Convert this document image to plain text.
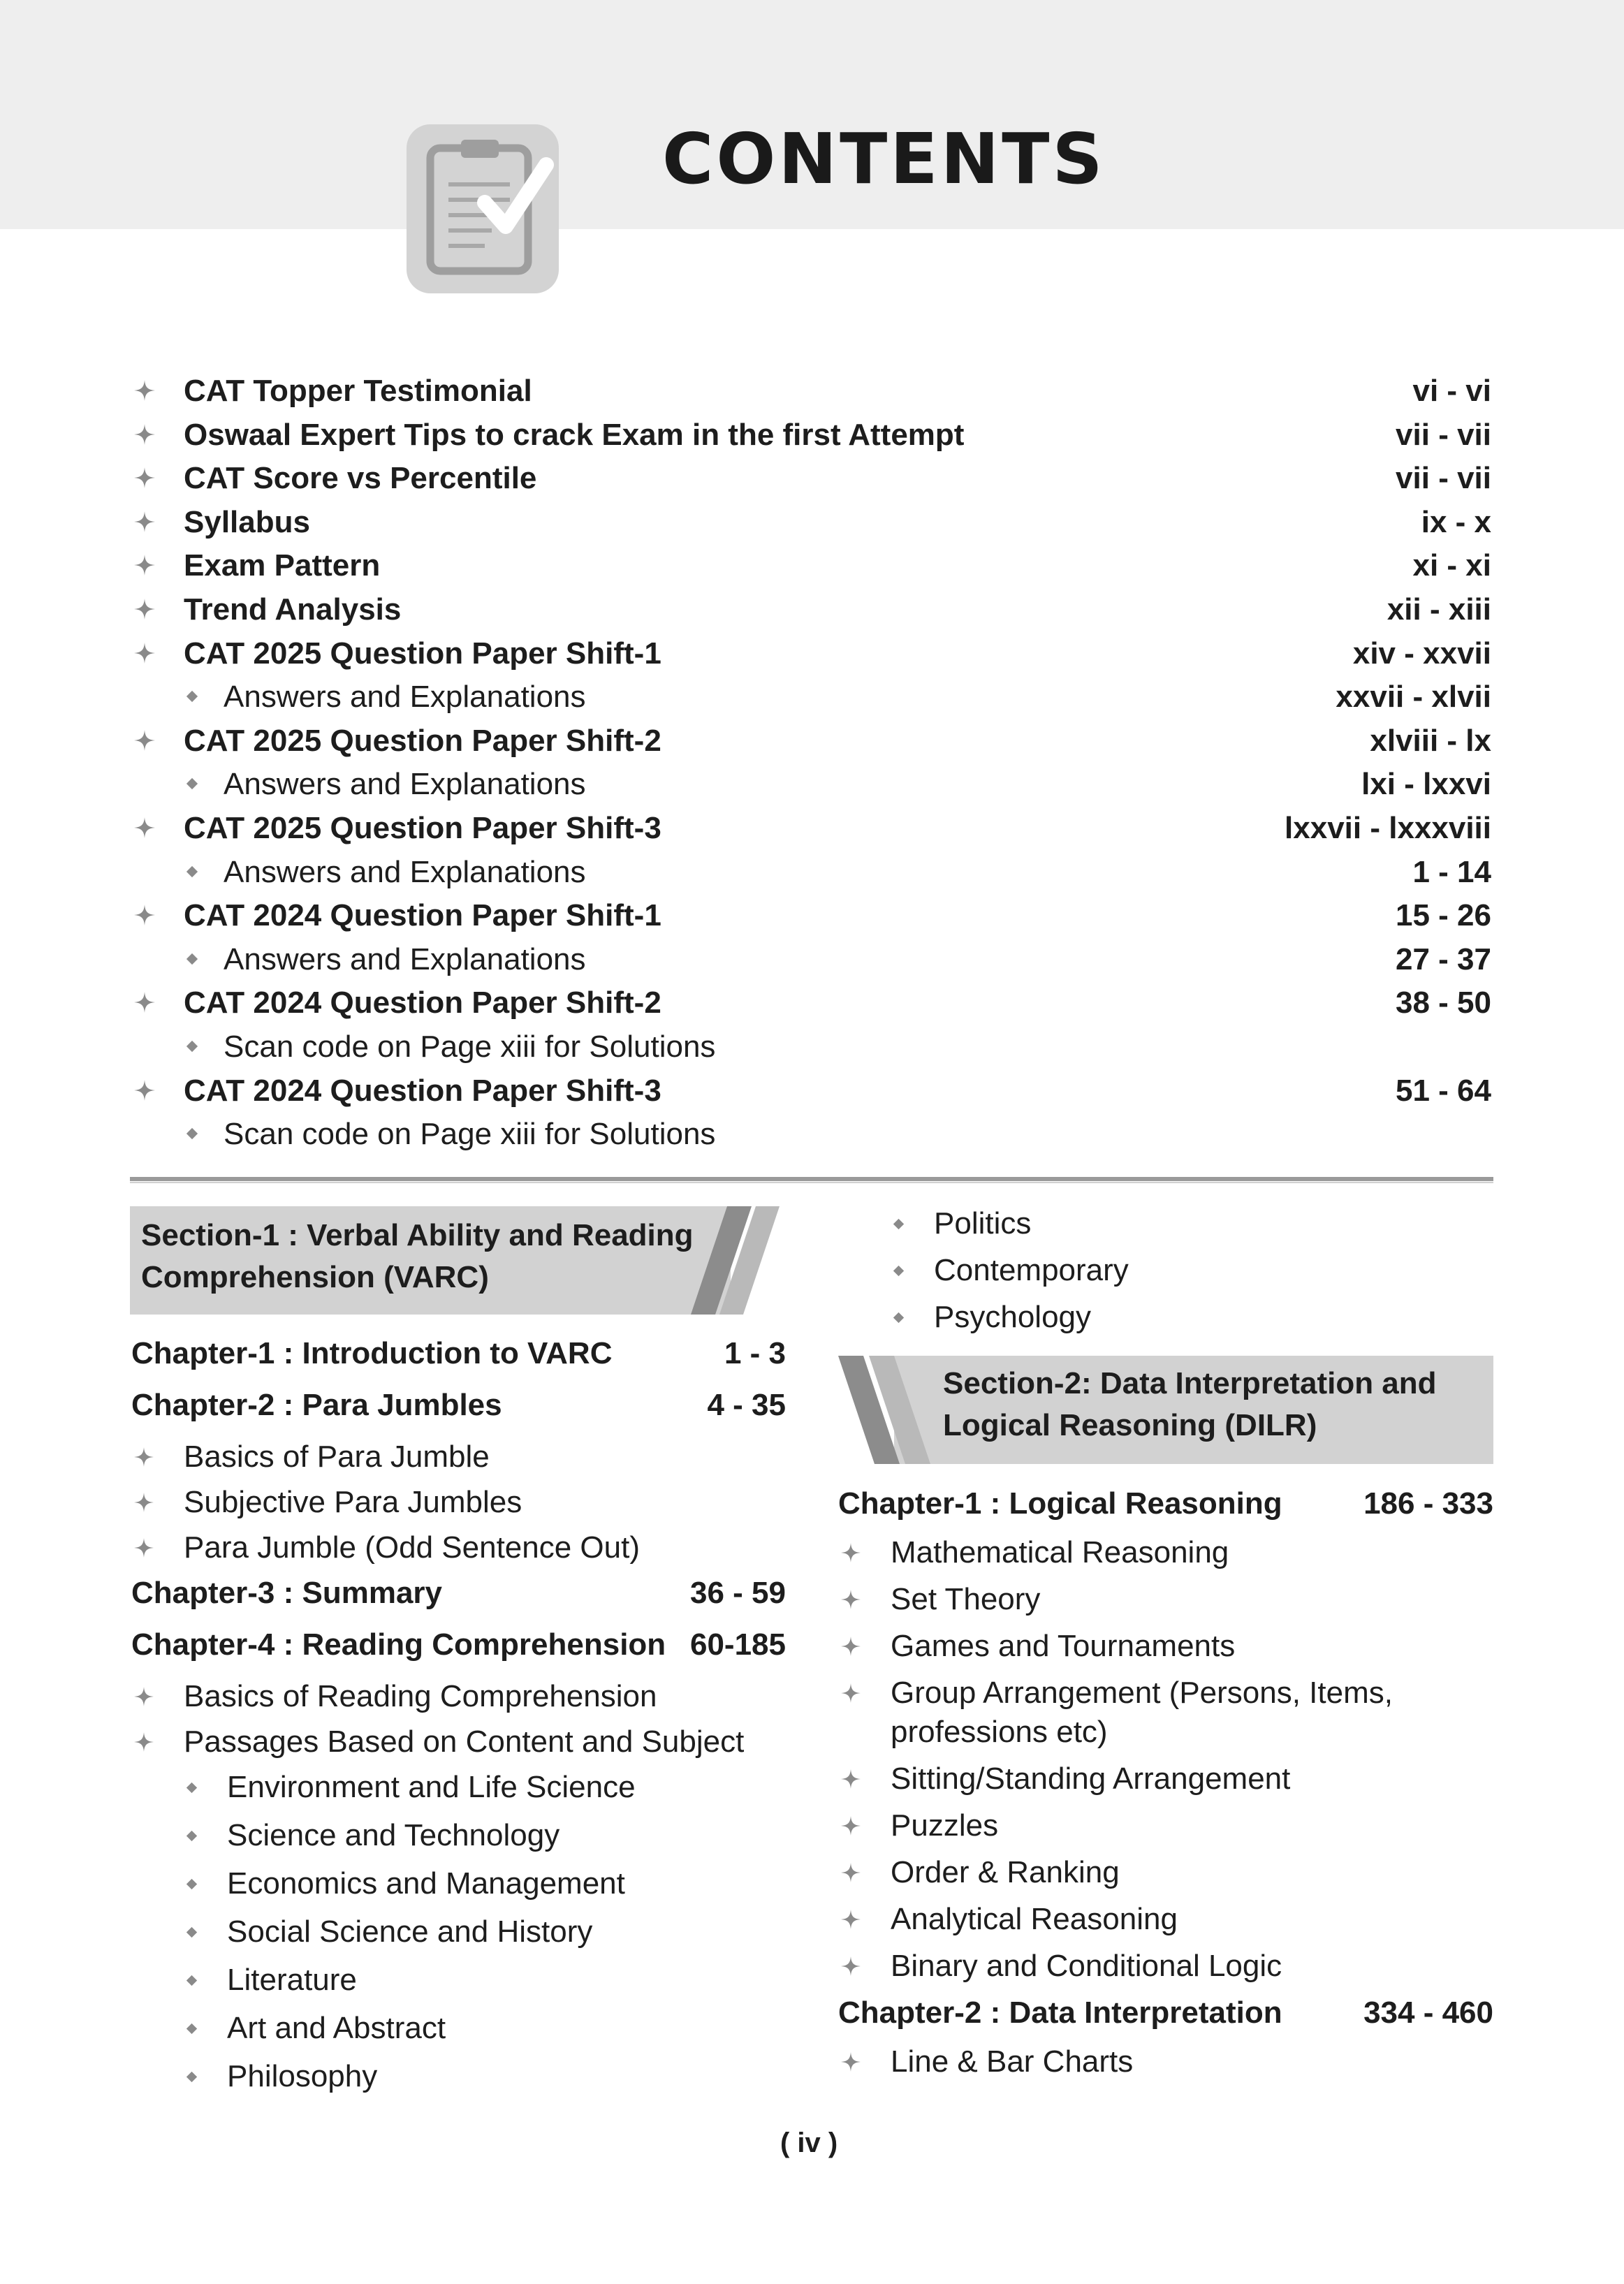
CONTENTS
CAT Topper Testimonial	vi - vi
Oswaal Expert Tips to crack Exam in the first Attempt	vii - vii
CAT Score vs Percentile	vii - vii
Syllabus	ix - x
Exam Pattern	xi - xi
Trend Analysis	xii - xiii
CAT 2025 Question Paper Shift-1	xiv - xxvii
Answers and Explanations	xxvii - xlvii
CAT 2025 Question Paper Shift-2	xlviii - lx
Answers and Explanations	lxi - lxxvi
CAT 2025 Question Paper Shift-3	lxxvii - lxxxviii
Answers and Explanations	1 - 14
CAT 2024 Question Paper Shift-1	15 - 26
Answers and Explanations	27 - 37
CAT 2024 Question Paper Shift-2	38 - 50
Scan code on Page xiii for Solutions
CAT 2024 Question Paper Shift-3	51 - 64
Scan code on Page xiii for Solutions
Section-1 : Verbal Ability and Reading
Comprehension (VARC)
Section-2: Data Interpretation and
Logical Reasoning (DILR)
Chapter-1 : Introduction to VARC	1 - 3
Chapter-2 : Para Jumbles	4 - 35
Basics of Para Jumble
Subjective Para Jumbles
Para Jumble (Odd Sentence Out)
Chapter-3 : Summary	36 - 59
Chapter-4 : Reading Comprehension 60-185
Basics of Reading Comprehension
Passages Based on Content and Subject
Environment and Life Science
Science and Technology
Economics and Management
Social Science and History
Literature
Art and Abstract
Philosophy
Politics
Contemporary
Psychology
Chapter-1 : Logical Reasoning	186 - 333
Mathematical Reasoning
Set Theory
Games and Tournaments
Group Arrangement (Persons, Items,
professions etc)
Sitting/Standing Arrangement
Puzzles
Order & Ranking
Analytical Reasoning
Binary and Conditional Logic
Chapter-2 : Data Interpretation	334 - 460
Line & Bar Charts
( iv )
